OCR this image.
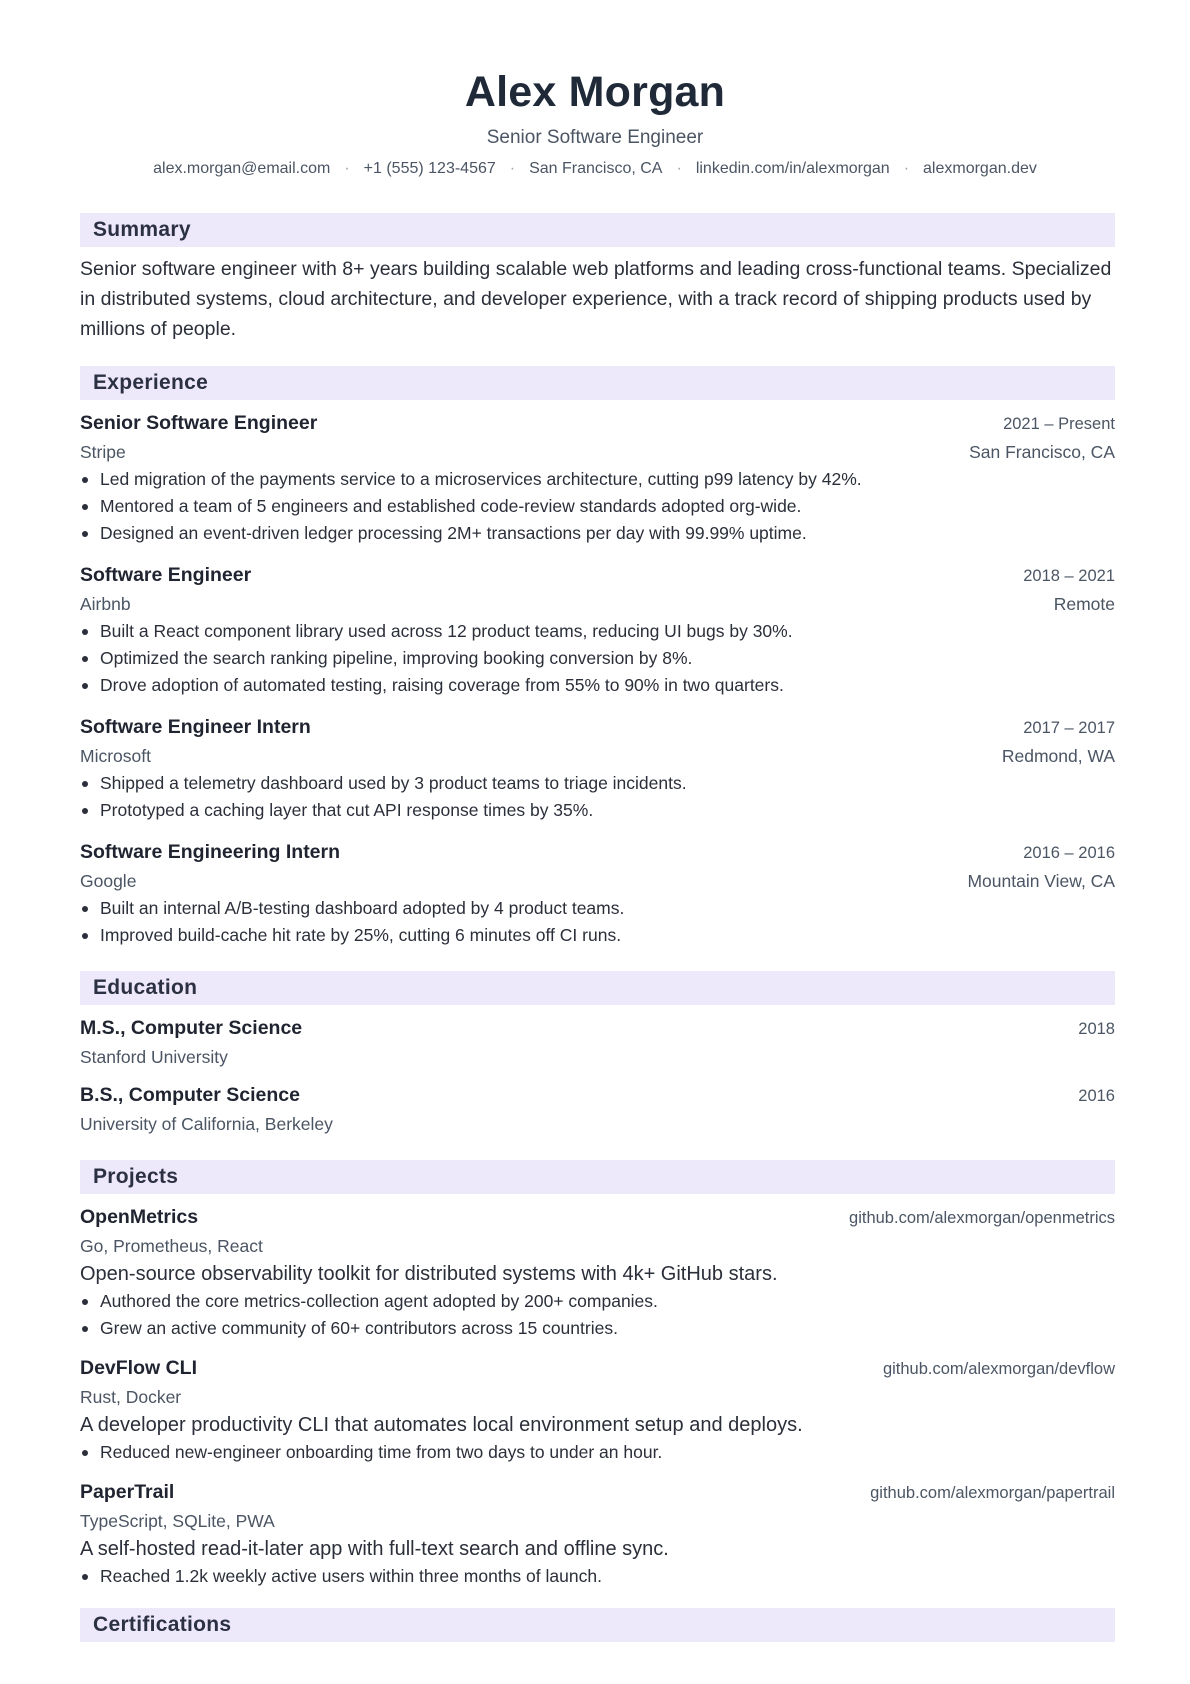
Alex Morgan
Senior Software Engineer
alex.morgan@email.com · +1 (555) 123-4567 · San Francisco, CA · linkedin.com/in/alexmorgan · alexmorgan.dev
Summary
Senior software engineer with 8+ years building scalable web platforms and leading cross-functional teams. Specialized in distributed systems, cloud architecture, and developer experience, with a track record of shipping products used by millions of people.
Experience
Senior Software Engineer	2021 – Present
Stripe	San Francisco, CA
Led migration of the payments service to a microservices architecture, cutting p99 latency by 42%.
Mentored a team of 5 engineers and established code-review standards adopted org-wide.
Designed an event-driven ledger processing 2M+ transactions per day with 99.99% uptime.
Software Engineer	2018 – 2021
Airbnb	Remote
Built a React component library used across 12 product teams, reducing UI bugs by 30%.
Optimized the search ranking pipeline, improving booking conversion by 8%.
Drove adoption of automated testing, raising coverage from 55% to 90% in two quarters.
Software Engineer Intern	2017 – 2017
Microsoft	Redmond, WA
Shipped a telemetry dashboard used by 3 product teams to triage incidents.
Prototyped a caching layer that cut API response times by 35%.
Software Engineering Intern	2016 – 2016
Google	Mountain View, CA
Built an internal A/B-testing dashboard adopted by 4 product teams.
Improved build-cache hit rate by 25%, cutting 6 minutes off CI runs.
Education
M.S., Computer Science	2018
Stanford University
B.S., Computer Science	2016
University of California, Berkeley
Projects
OpenMetrics	github.com/alexmorgan/openmetrics
Go, Prometheus, React
Open-source observability toolkit for distributed systems with 4k+ GitHub stars.
Authored the core metrics-collection agent adopted by 200+ companies.
Grew an active community of 60+ contributors across 15 countries.
DevFlow CLI	github.com/alexmorgan/devflow
Rust, Docker
A developer productivity CLI that automates local environment setup and deploys.
Reduced new-engineer onboarding time from two days to under an hour.
PaperTrail	github.com/alexmorgan/papertrail
TypeScript, SQLite, PWA
A self-hosted read-it-later app with full-text search and offline sync.
Reached 1.2k weekly active users within three months of launch.
Certifications
